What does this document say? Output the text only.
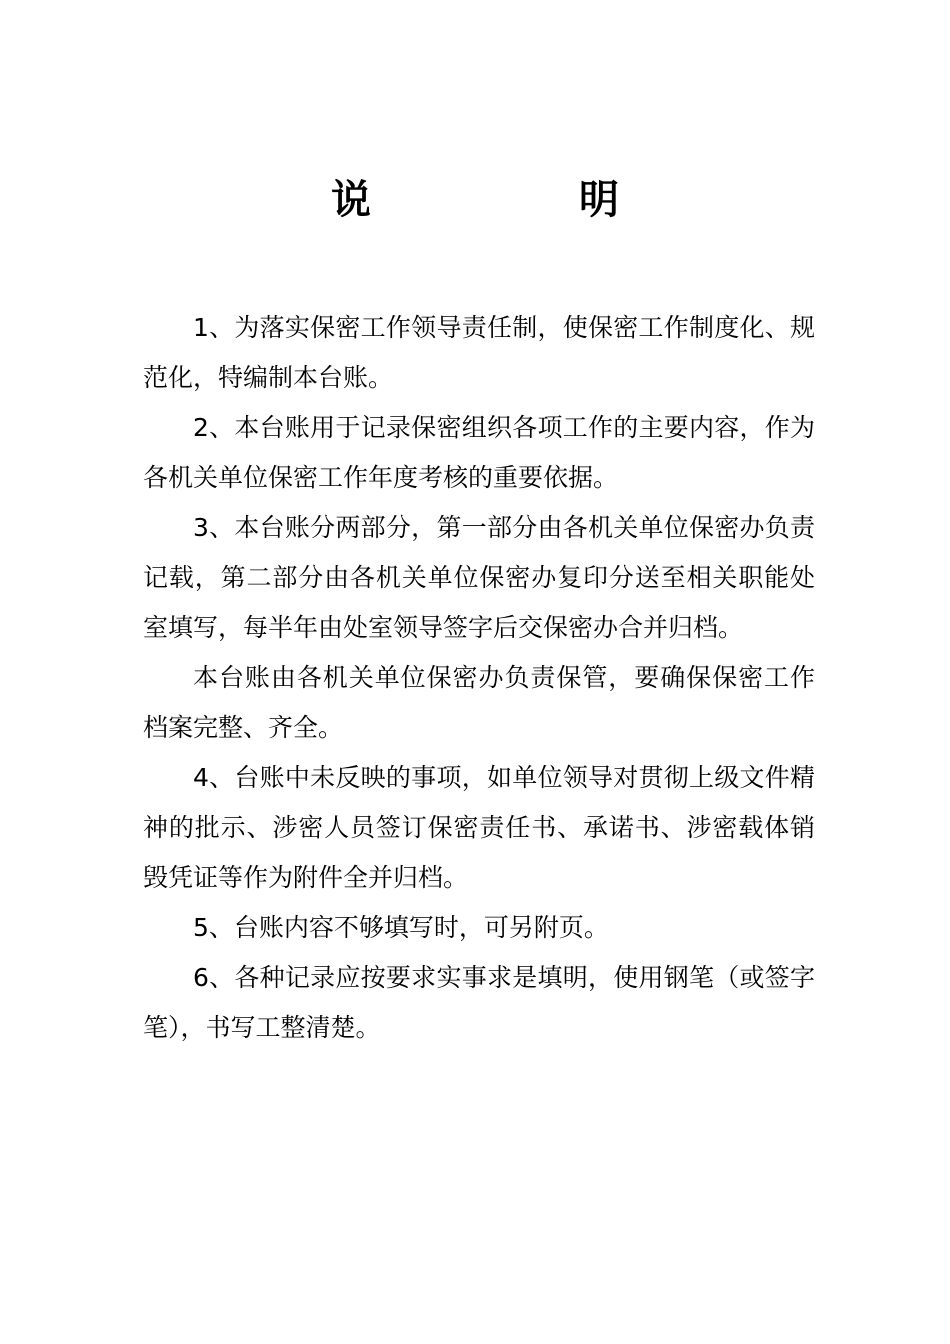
说　明

1、为落实保密工作领导责任制，使保密工作制度化、规范化，特编制本台账。

2、本台账用于记录保密组织各项工作的主要内容，作为各机关单位保密工作年度考核的重要依据。

3、本台账分两部分，第一部分由各机关单位保密办负责记载，第二部分由各机关单位保密办复印分送至相关职能处室填写，每半年由处室领导签字后交保密办合并归档。

本台账由各机关单位保密办负责保管，要确保保密工作档案完整、齐全。

4、台账中未反映的事项，如单位领导对贯彻上级文件精神的批示、涉密人员签订保密责任书、承诺书、涉密载体销毁凭证等作为附件全并归档。

5、台账内容不够填写时，可另附页。

6、各种记录应按要求实事求是填明，使用钢笔（或签字笔），书写工整清楚。
